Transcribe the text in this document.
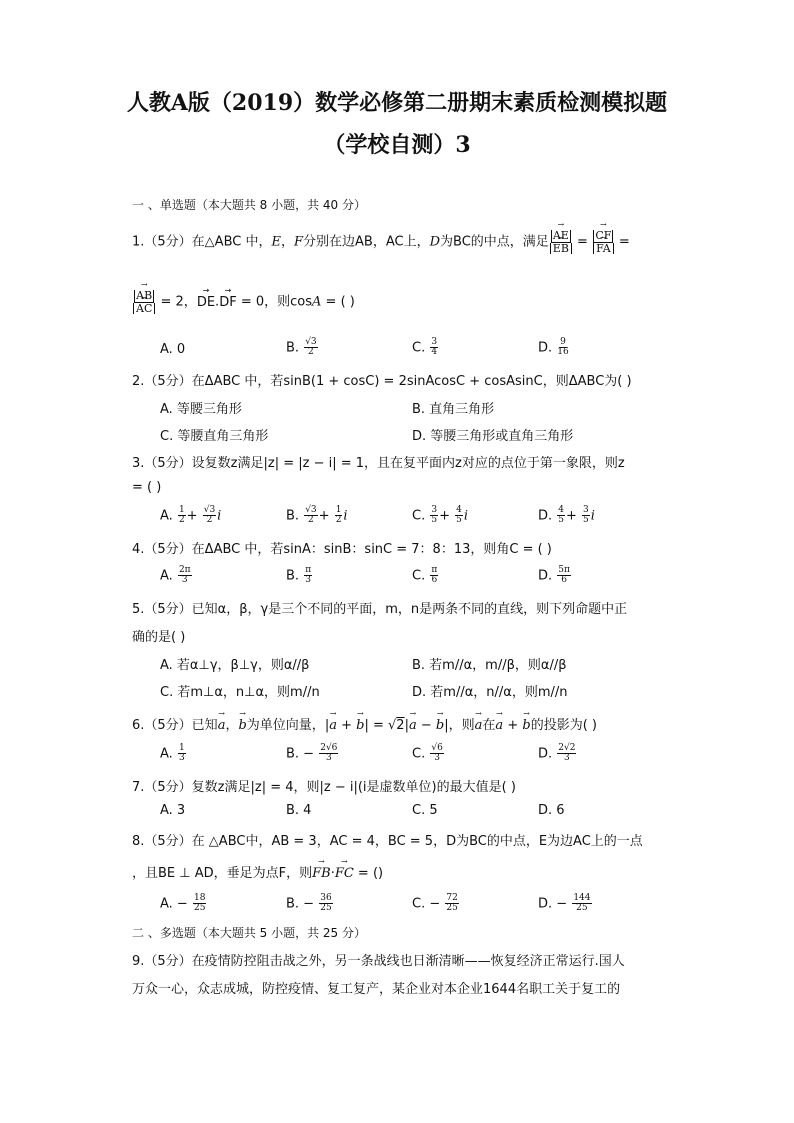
人教A版（2019）数学必修第二册期末素质检测模拟题
（学校自测）3
一 、单选题（本大题共 8 小题，共 40 分）
1.（5分）在△ABC 中，E，F分别在边AB，AC上，D为BC的中点，满足 → AE
→ EB = → CF
→ FA =
→ AB
→ AC = 2，→ DE.→ DF = 0，则cosA = ( )
A. 0	B. $\frac{√3}{2}$	C. $\frac{3}{4}$	D. $\frac{9}{16}$
2.（5分）在ΔABC 中，若sinB(1 + cosC) = 2sinAcosC + cosAsinC，则ΔABC为( )
A. 等腰三角形	B. 直角三角形
C. 等腰直角三角形	D. 等腰三角形或直角三角形
3.（5分）设复数z满足|z| = |z − i| = 1，且在复平面内z对应的点位于第一象限，则z
= ( )
A. $\frac{1}{2} + \frac{√3}{2}$ i	B. $\frac{√3}{2} + \frac{1}{2}$ i	C. $\frac{3}{5} + \frac{4}{5}$ i	D. $\frac{4}{5} + \frac{3}{5}$ i
4.（5分）在ΔABC 中，若sinA：sinB：sinC = 7：8：13，则角C = ( )
A. $\frac{2\pi}{3}$	B. $\frac{\pi}{3}$	C. $\frac{\pi}{6}$	D. $\frac{5\pi}{6}$
5.（5分）已知α，β，γ是三个不同的平面，m，n是两条不同的直线，则下列命题中正
确的是( )
A. 若α⊥γ，β⊥γ，则α//β	B. 若m//α，m//β，则α//β
C. 若m⊥α，n⊥α，则m//n	D. 若m//α，n//α，则m//n
6.（5分）已知→ a，→ b为单位向量，|→ a + → b| = √2|→ a − → b|，则→ a在→ a + → b的投影为( )
A. $\frac{1}{3}$	B. − $\frac{2√6}{3}$	C. $\frac{√6}{3}$	D. $\frac{2√2}{3}$
7.（5分）复数z满足|z| = 4，则|z − i|(i是虚数单位)的最大值是( )
A. 3	B. 4	C. 5	D. 6
8.（5分）在 △ABC中，AB = 3，AC = 4，BC = 5，D为BC的中点，E为边AC上的一点
，且BE ⊥ AD，垂足为点F，则→ FB·→ FC = ()
A. − $\frac{18}{25}$	B. − $\frac{36}{25}$	C. − $\frac{72}{25}$	D. − $\frac{144}{25}$
二 、多选题（本大题共 5 小题，共 25 分）
9.（5分）在疫情防控阻击战之外，另一条战线也日渐清晰——恢复经济正常运行.国人
万众一心，众志成城，防控疫情、复工复产，某企业对本企业1644名职工关于复工的
